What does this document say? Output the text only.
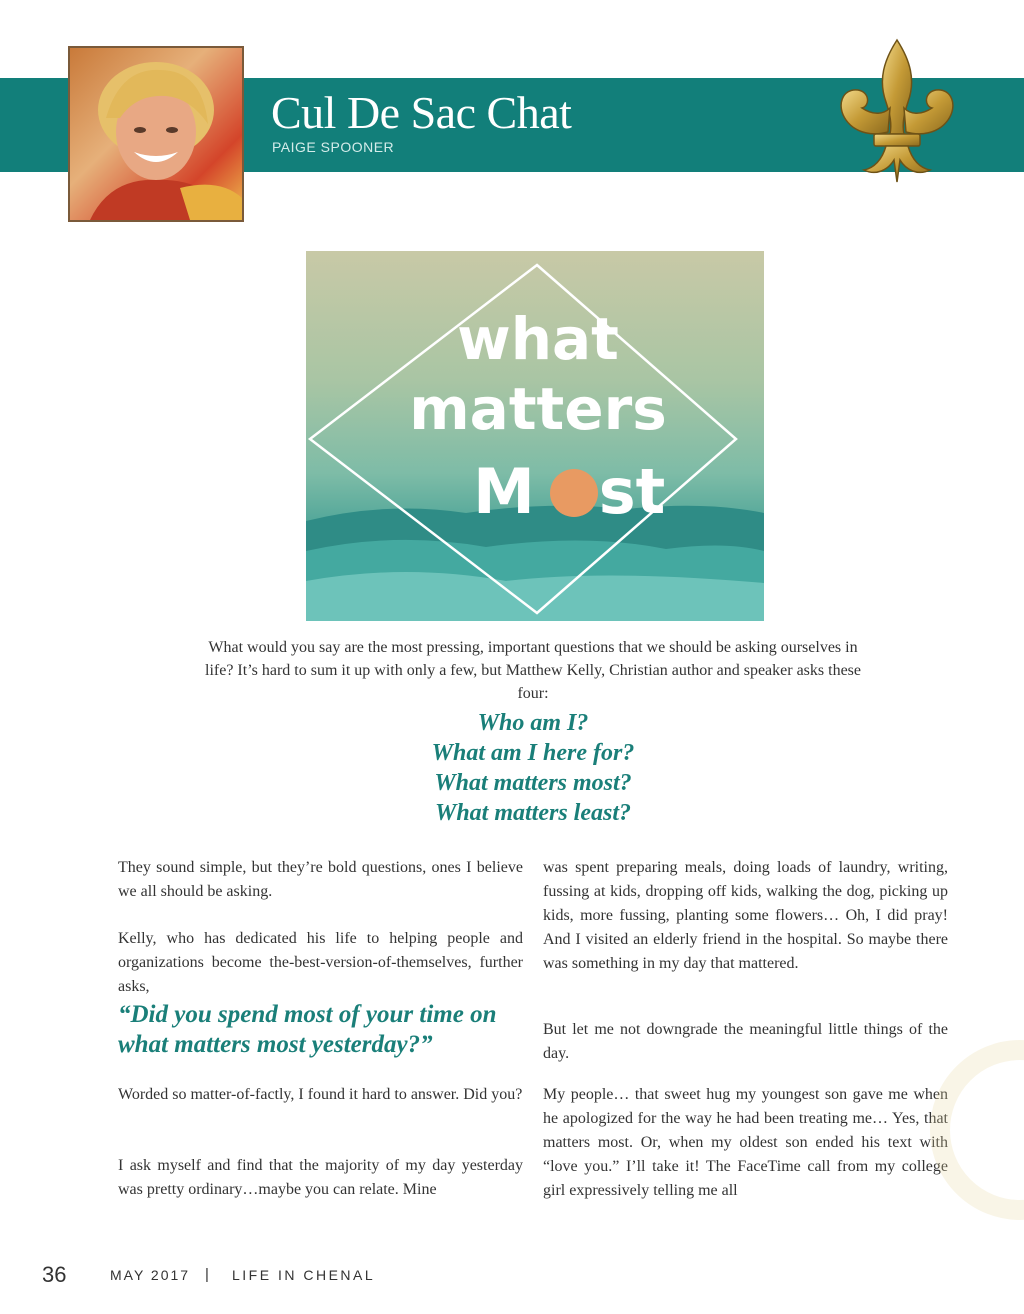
Cul De Sac Chat
PAIGE SPOONER
what
matters
M st
What would you say are the most pressing, important questions that we should be asking ourselves in life? It’s hard to sum it up with only a few, but Matthew Kelly, Christian author and speaker asks these four:
Who am I?
What am I here for?
What matters most?
What matters least?
They sound simple, but they’re bold questions, ones I believe we all should be asking.
Kelly, who has dedicated his life to helping people and organizations become the-best-version-of-themselves, further asks,
“Did you spend most of your time on what matters most yesterday?”
Worded so matter-of-factly, I found it hard to answer. Did you?
I ask myself and find that the majority of my day yesterday was pretty ordinary…maybe you can relate. Mine
was spent preparing meals, doing loads of laundry, writing, fussing at kids, dropping off kids, walking the dog, picking up kids, more fussing, planting some flowers… Oh, I did pray! And I visited an elderly friend in the hospital. So maybe there was something in my day that mattered.
But let me not downgrade the meaningful little things of the day.
My people… that sweet hug my youngest son gave me when he apologized for the way he had been treating me… Yes, that matters most. Or, when my oldest son ended his text with “love you.” I’ll take it! The FaceTime call from my college girl expressively telling me all
36	MAY 2017 | LIFE IN CHENAL
